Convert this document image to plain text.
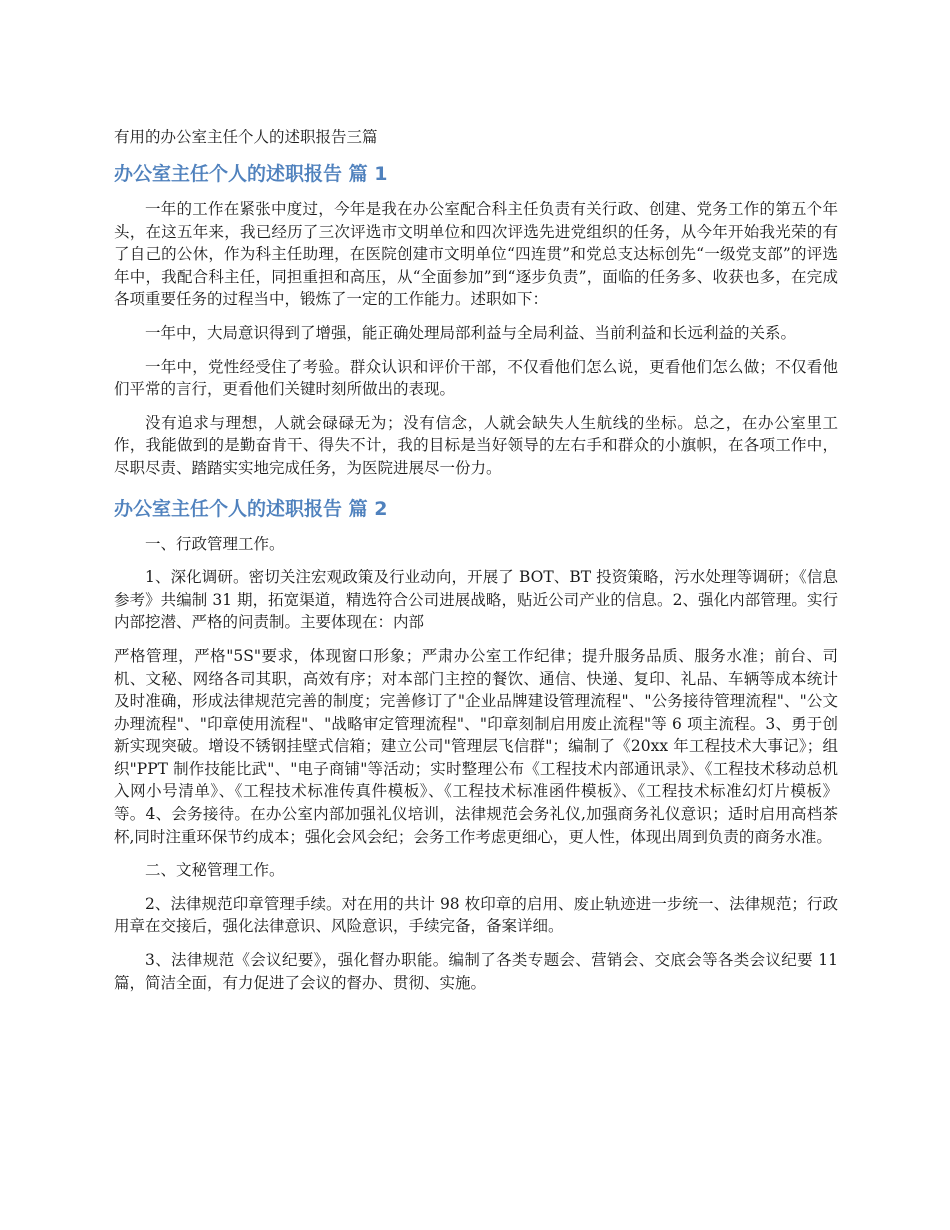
有用的办公室主任个人的述职报告三篇
办公室主任个人的述职报告 篇 1

一年的工作在紧张中度过，今年是我在办公室配合科主任负责有关行政、创建、党务工作的第五个年头，在这五年来，我已经历了三次评选市文明单位和四次评选先进党组织的任务，从今年开始我光荣的有了自己的公休，作为科主任助理，在医院创建市文明单位“四连贯”和党总支达标创先“一级党支部”的评选年中，我配合科主任，同担重担和高压，从“全面参加”到“逐步负责”，面临的任务多、收获也多，在完成各项重要任务的过程当中，锻炼了一定的工作能力。述职如下：

一年中，大局意识得到了增强，能正确处理局部利益与全局利益、当前利益和长远利益的关系。

一年中，党性经受住了考验。群众认识和评价干部，不仅看他们怎么说，更看他们怎么做；不仅看他们平常的言行，更看他们关键时刻所做出的表现。

没有追求与理想，人就会碌碌无为；没有信念，人就会缺失人生航线的坐标。总之，在办公室里工作，我能做到的是勤奋肯干、得失不计，我的目标是当好领导的左右手和群众的小旗帜，在各项工作中，尽职尽责、踏踏实实地完成任务，为医院进展尽一份力。

办公室主任个人的述职报告 篇 2

一、行政管理工作。

1、深化调研。密切关注宏观政策及行业动向，开展了 BOT、BT 投资策略，污水处理等调研；《信息参考》共编制 31 期，拓宽渠道，精选符合公司进展战略，贴近公司产业的信息。2、强化内部管理。实行内部挖潜、严格的问责制。主要体现在：内部

严格管理，严格"5S"要求，体现窗口形象；严肃办公室工作纪律；提升服务品质、服务水准；前台、司机、文秘、网络各司其职，高效有序；对本部门主控的餐饮、通信、快递、复印、礼品、车辆等成本统计及时准确，形成法律规范完善的制度；完善修订了"企业品牌建设管理流程"、"公务接待管理流程"、"公文办理流程"、"印章使用流程"、"战略审定管理流程"、"印章刻制启用废止流程"等 6 项主流程。3、勇于创新实现突破。增设不锈钢挂壁式信箱；建立公司"管理层飞信群"；编制了《20xx 年工程技术大事记》；组织"PPT 制作技能比武"、"电子商铺"等活动；实时整理公布《工程技术内部通讯录》、《工程技术移动总机入网小号清单》、《工程技术标准传真件模板》、《工程技术标准函件模板》、《工程技术标准幻灯片模板》等。4、会务接待。在办公室内部加强礼仪培训，法律规范会务礼仪,加强商务礼仪意识；适时启用高档茶杯,同时注重环保节约成本；强化会风会纪；会务工作考虑更细心，更人性，体现出周到负责的商务水准。

二、文秘管理工作。

2、法律规范印章管理手续。对在用的共计 98 枚印章的启用、废止轨迹进一步统一、法律规范；行政用章在交接后，强化法律意识、风险意识，手续完备，备案详细。

3、法律规范《会议纪要》，强化督办职能。编制了各类专题会、营销会、交底会等各类会议纪要 11 篇，简洁全面，有力促进了会议的督办、贯彻、实施。
